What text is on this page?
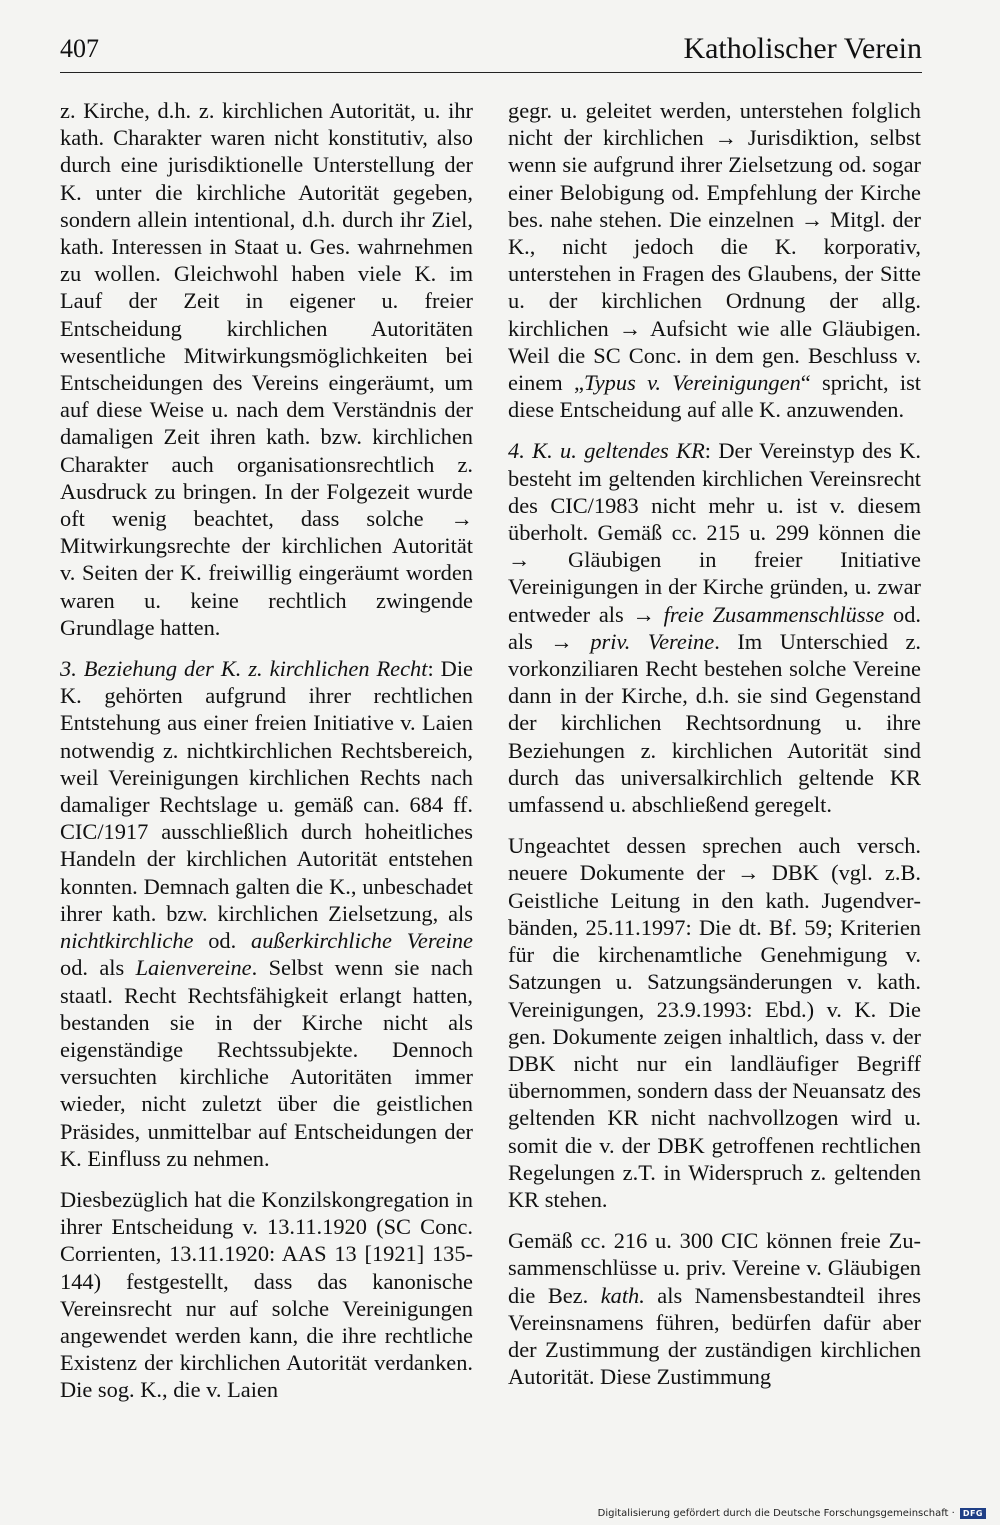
407	Katholischer Verein

z. Kirche, d.h. z. kirchlichen Autorität, u. ihr kath. Charakter waren nicht konstitutiv, also durch eine jurisdiktionelle Unterstellung der K. unter die kirchliche Autorität gegeben, sondern allein intentional, d.h. durch ihr Ziel, kath. Interessen in Staat u. Ges. wahrnehmen zu wollen. Gleichwohl haben viele K. im Lauf der Zeit in eigener u. freier Entscheidung kirchlichen Autoritäten wesentliche Mitwirkungsmöglichkeiten bei Entscheidungen des Vereins eingeräumt, um auf diese Weise u. nach dem Verständnis der damaligen Zeit ihren kath. bzw. kirchlichen Charakter auch organisationsrechtlich z. Ausdruck zu bringen. In der Folgezeit wurde oft wenig beachtet, dass solche → Mitwirkungsrechte der kirchlichen Autorität v. Seiten der K. freiwillig eingeräumt worden waren u. keine rechtlich zwingende Grundlage hatten.

3. Beziehung der K. z. kirchlichen Recht: Die K. gehörten aufgrund ihrer rechtlichen Entstehung aus einer freien Initiative v. Laien notwendig z. nichtkirchlichen Rechtsbereich, weil Vereinigungen kirchlichen Rechts nach damaliger Rechtslage u. gemäß can. 684 ff. CIC/1917 ausschließlich durch hoheitliches Handeln der kirchlichen Autorität entstehen konnten. Demnach galten die K., unbeschadet ihrer kath. bzw. kirchlichen Zielsetzung, als nichtkirchliche od. außerkirchliche Vereine od. als Laienvereine. Selbst wenn sie nach staatl. Recht Rechtsfähigkeit erlangt hatten, bestanden sie in der Kirche nicht als eigenständige Rechtssubjekte. Dennoch versuchten kirchliche Autoritäten immer wieder, nicht zuletzt über die geistlichen Präsides, unmittelbar auf Entscheidungen der K. Einfluss zu nehmen.

Diesbezüglich hat die Konzilskongregation in ihrer Entscheidung v. 13.11.1920 (SC Conc. Corrienten, 13.11.1920: AAS 13 [1921] 135-144) festgestellt, dass das kanonische Vereinsrecht nur auf solche Vereinigungen angewendet werden kann, die ihre rechtliche Existenz der kirchlichen Autorität verdanken. Die sog. K., die v. Laien

gegr. u. geleitet werden, unterstehen folglich nicht der kirchlichen → Jurisdiktion, selbst wenn sie aufgrund ihrer Zielsetzung od. sogar einer Belobigung od. Empfehlung der Kirche bes. nahe stehen. Die einzelnen → Mitgl. der K., nicht jedoch die K. korporativ, unterstehen in Fragen des Glaubens, der Sitte u. der kirchlichen Ordnung der allg. kirchlichen → Aufsicht wie alle Gläubigen. Weil die SC Conc. in dem gen. Beschluss v. einem „Typus v. Vereinigungen“ spricht, ist diese Entscheidung auf alle K. anzuwenden.

4. K. u. geltendes KR: Der Vereinstyp des K. besteht im geltenden kirchlichen Vereinsrecht des CIC/1983 nicht mehr u. ist v. diesem überholt. Gemäß cc. 215 u. 299 können die → Gläubigen in freier Initiative Vereinigungen in der Kirche gründen, u. zwar entweder als → freie Zusammenschlüsse od. als → priv. Vereine. Im Unterschied z. vorkonziliaren Recht bestehen solche Vereine dann in der Kirche, d.h. sie sind Gegenstand der kirchlichen Rechtsordnung u. ihre Beziehungen z. kirchlichen Autorität sind durch das universalkirchlich geltende KR umfassend u. abschließend geregelt.

Ungeachtet dessen sprechen auch versch. neuere Dokumente der → DBK (vgl. z.B. Geistliche Leitung in den kath. Jugendverbänden, 25.11.1997: Die dt. Bf. 59; Kriterien für die kirchenamtliche Genehmigung v. Satzungen u. Satzungsänderungen v. kath. Vereinigungen, 23.9.1993: Ebd.) v. K. Die gen. Dokumente zeigen inhaltlich, dass v. der DBK nicht nur ein landläufiger Begriff übernommen, sondern dass der Neuansatz des geltenden KR nicht nachvollzogen wird u. somit die v. der DBK getroffenen rechtlichen Regelungen z.T. in Widerspruch z. geltenden KR stehen.

Gemäß cc. 216 u. 300 CIC können freie Zusammenschlüsse u. priv. Vereine v. Gläubigen die Bez. kath. als Namensbestandteil ihres Vereinsnamens führen, bedürfen dafür aber der Zustimmung der zuständigen kirchlichen Autorität. Diese Zustimmung

Digitalisierung gefördert durch die Deutsche Forschungsgemeinschaft ·	DFG
